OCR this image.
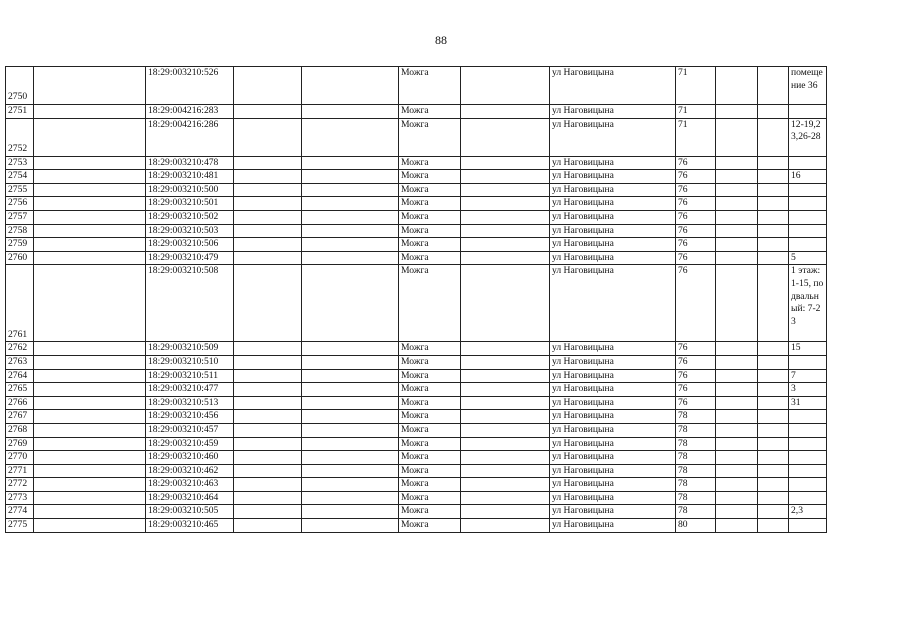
88
2750		18:29:003210:526			Можга		ул Наговицына	71			помещение 36
2751		18:29:004216:283			Можга		ул Наговицына	71			
2752		18:29:004216:286			Можга		ул Наговицына	71			12-19,23,26-28
2753		18:29:003210:478			Можга		ул Наговицына	76			
2754		18:29:003210:481			Можга		ул Наговицына	76			16
2755		18:29:003210:500			Можга		ул Наговицына	76			
2756		18:29:003210:501			Можга		ул Наговицына	76			
2757		18:29:003210:502			Можга		ул Наговицына	76			
2758		18:29:003210:503			Можга		ул Наговицына	76			
2759		18:29:003210:506			Можга		ул Наговицына	76			
2760		18:29:003210:479			Можга		ул Наговицына	76			5
2761		18:29:003210:508			Можга		ул Наговицына	76			1 этаж: 1-15, подвальный: 7-23
2762		18:29:003210:509			Можга		ул Наговицына	76			15
2763		18:29:003210:510			Можга		ул Наговицына	76			
2764		18:29:003210:511			Можга		ул Наговицына	76			7
2765		18:29:003210:477			Можга		ул Наговицына	76			3
2766		18:29:003210:513			Можга		ул Наговицына	76			31
2767		18:29:003210:456			Можга		ул Наговицына	78			
2768		18:29:003210:457			Можга		ул Наговицына	78			
2769		18:29:003210:459			Можга		ул Наговицына	78			
2770		18:29:003210:460			Можга		ул Наговицына	78			
2771		18:29:003210:462			Можга		ул Наговицына	78			
2772		18:29:003210:463			Можга		ул Наговицына	78			
2773		18:29:003210:464			Можга		ул Наговицына	78			
2774		18:29:003210:505			Можга		ул Наговицына	78			2,3
2775		18:29:003210:465			Можга		ул Наговицына	80			
